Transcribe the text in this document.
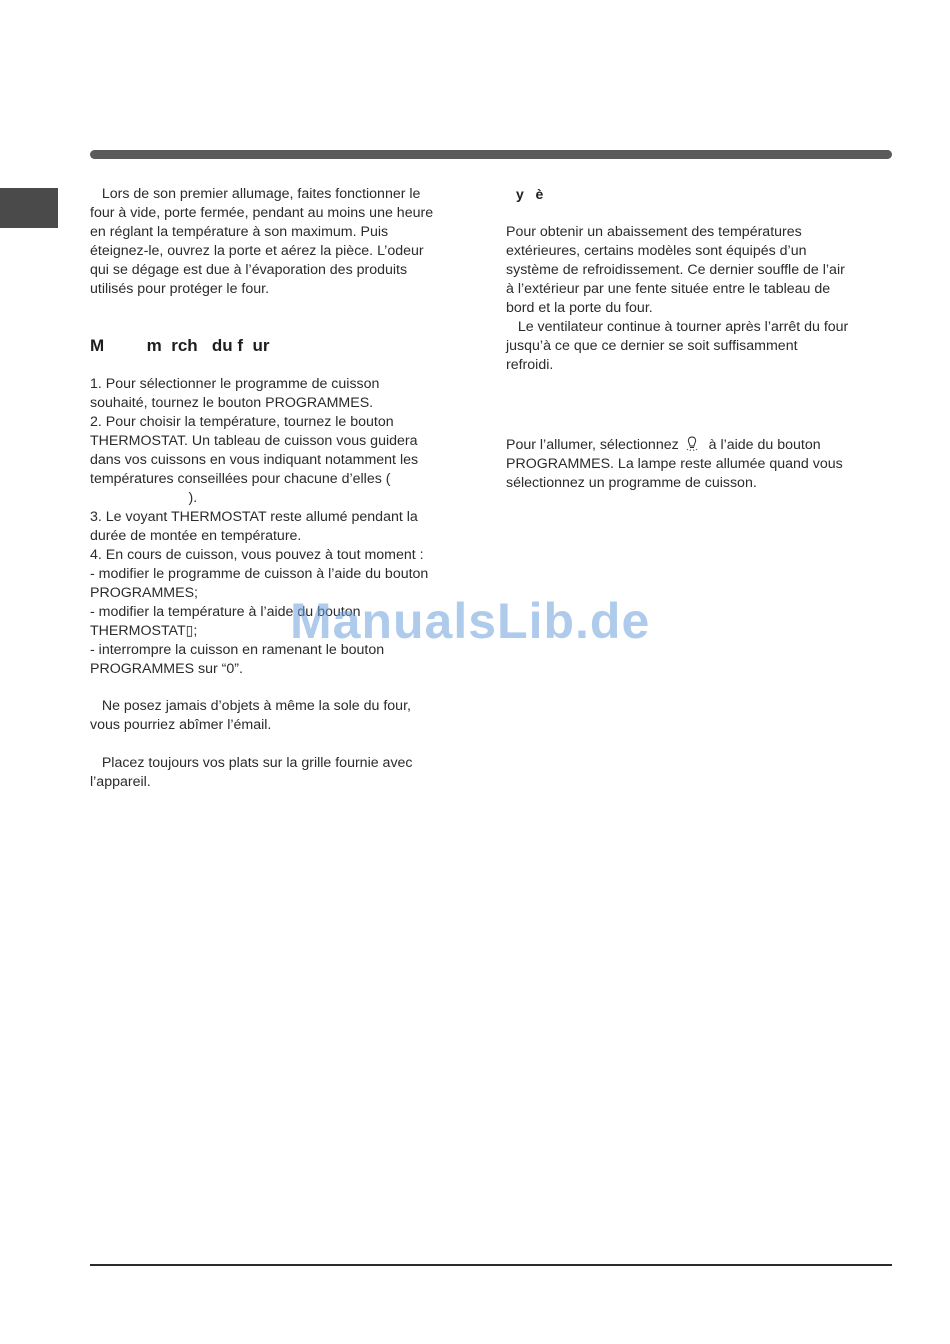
Lors de son premier allumage, faites fonctionner le
four à vide, porte fermée, pendant au moins une heure
en réglant la température à son maximum. Puis
éteignez-le, ouvrez la porte et aérez la pièce. L’odeur
qui se dégage est due à l’évaporation des produits
utilisés pour protéger le four.
M         m  rch   du f  ur
1. Pour sélectionner le programme de cuisson
souhaité, tournez le bouton PROGRAMMES.
2. Pour choisir la température, tournez le bouton
THERMOSTAT. Un tableau de cuisson vous guidera
dans vos cuissons en vous indiquant notamment les
températures conseillées pour chacune d’elles (
).
3. Le voyant THERMOSTAT reste allumé pendant la
durée de montée en température.
4. En cours de cuisson, vous pouvez à tout moment :
- modifier le programme de cuisson à l’aide du bouton
PROGRAMMES;
- modifier la température à l’aide du bouton
THERMOSTAT▯;
- interrompre la cuisson en ramenant le bouton
PROGRAMMES sur “0”.
Ne posez jamais d’objets à même la sole du four,
vous pourriez abîmer l’émail.
Placez toujours vos plats sur la grille fournie avec
l’appareil.
y   è
Pour obtenir un abaissement des températures
extérieures, certains modèles sont équipés d’un
système de refroidissement. Ce dernier souffle de l’air
à l’extérieur par une fente située entre le tableau de
bord et la porte du four.
Le ventilateur continue à tourner après l’arrêt du four
jusqu’à ce que ce dernier se soit suffisamment
refroidi.
Pour l’allumer, sélectionnez à l’aide du bouton
PROGRAMMES. La lampe reste allumée quand vous
sélectionnez un programme de cuisson.
ManualsLib.de
